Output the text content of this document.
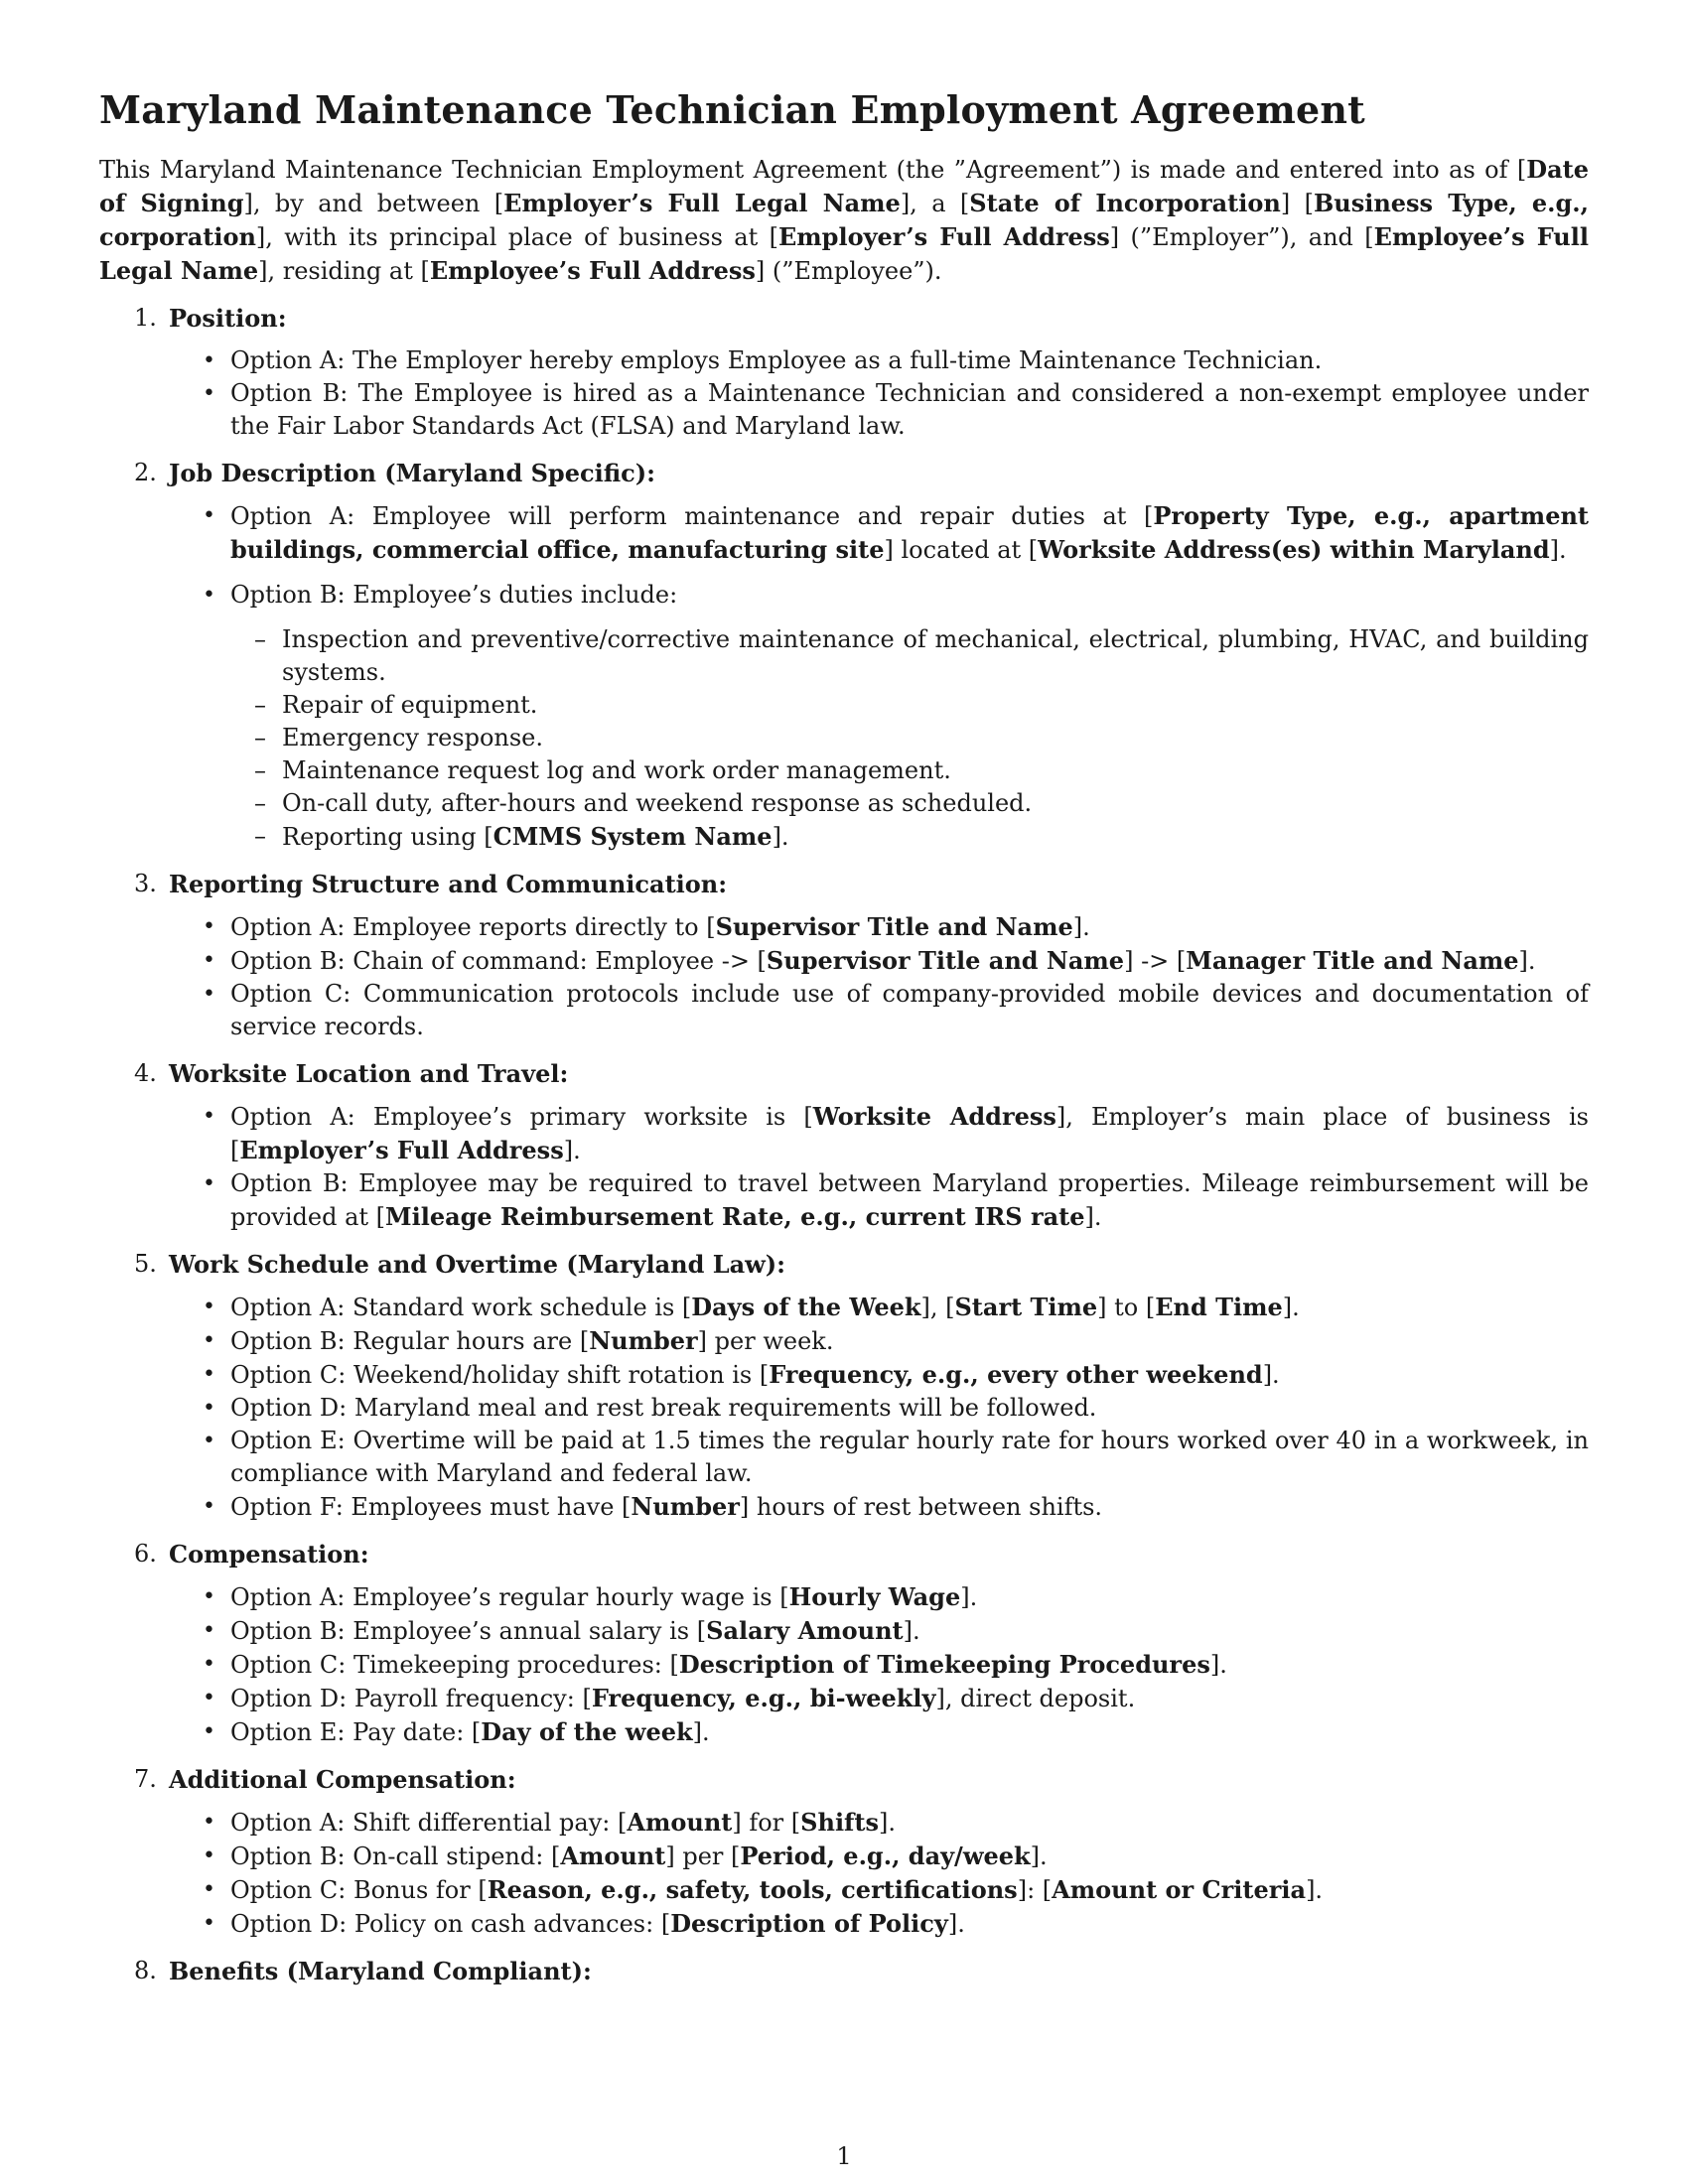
Maryland Maintenance Technician Employment Agreement

This Maryland Maintenance Technician Employment Agreement (the ”Agreement”) is made and entered into as of [Date of Signing], by and between [Employer’s Full Legal Name], a [State of Incorporation] [Business Type, e.g., corporation], with its principal place of business at [Employer’s Full Address] (”Employer”), and [Employee’s Full Legal Name], residing at [Employee’s Full Address] (”Employee”).

1. Position:
• Option A: The Employer hereby employs Employee as a full-time Maintenance Technician.
• Option B: The Employee is hired as a Maintenance Technician and considered a non-exempt employee under the Fair Labor Standards Act (FLSA) and Maryland law.
2. Job Description (Maryland Specific):
• Option A: Employee will perform maintenance and repair duties at [Property Type, e.g., apartment buildings, commercial office, manufacturing site] located at [Worksite Address(es) within Maryland].
• Option B: Employee’s duties include:
– Inspection and preventive/corrective maintenance of mechanical, electrical, plumbing, HVAC, and building systems.
– Repair of equipment.
– Emergency response.
– Maintenance request log and work order management.
– On-call duty, after-hours and weekend response as scheduled.
– Reporting using [CMMS System Name].
3. Reporting Structure and Communication:
• Option A: Employee reports directly to [Supervisor Title and Name].
• Option B: Chain of command: Employee -> [Supervisor Title and Name] -> [Manager Title and Name].
• Option C: Communication protocols include use of company-provided mobile devices and documentation of service records.
4. Worksite Location and Travel:
• Option A: Employee’s primary worksite is [Worksite Address], Employer’s main place of business is [Employer’s Full Address].
• Option B: Employee may be required to travel between Maryland properties. Mileage reimbursement will be provided at [Mileage Reimbursement Rate, e.g., current IRS rate].
5. Work Schedule and Overtime (Maryland Law):
• Option A: Standard work schedule is [Days of the Week], [Start Time] to [End Time].
• Option B: Regular hours are [Number] per week.
• Option C: Weekend/holiday shift rotation is [Frequency, e.g., every other weekend].
• Option D: Maryland meal and rest break requirements will be followed.
• Option E: Overtime will be paid at 1.5 times the regular hourly rate for hours worked over 40 in a workweek, in compliance with Maryland and federal law.
• Option F: Employees must have [Number] hours of rest between shifts.
6. Compensation:
• Option A: Employee’s regular hourly wage is [Hourly Wage].
• Option B: Employee’s annual salary is [Salary Amount].
• Option C: Timekeeping procedures: [Description of Timekeeping Procedures].
• Option D: Payroll frequency: [Frequency, e.g., bi-weekly], direct deposit.
• Option E: Pay date: [Day of the week].
7. Additional Compensation:
• Option A: Shift differential pay: [Amount] for [Shifts].
• Option B: On-call stipend: [Amount] per [Period, e.g., day/week].
• Option C: Bonus for [Reason, e.g., safety, tools, certifications]: [Amount or Criteria].
• Option D: Policy on cash advances: [Description of Policy].
8. Benefits (Maryland Compliant):
1
